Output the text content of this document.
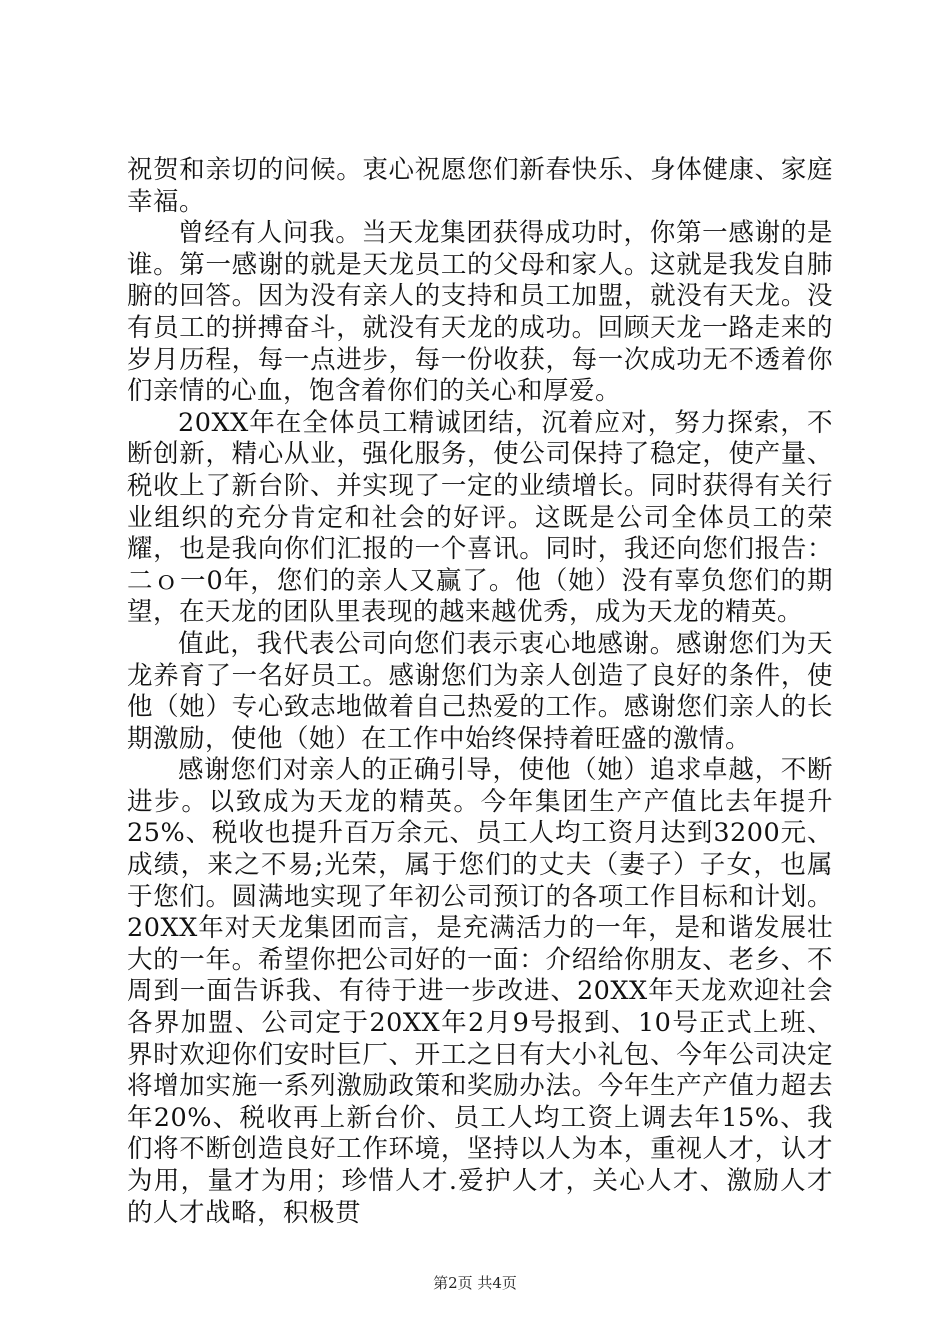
祝贺和亲切的问候。衷心祝愿您们新春快乐、身体健康、家庭幸福。

曾经有人问我。当天龙集团获得成功时，你第一感谢的是谁。第一感谢的就是天龙员工的父母和家人。这就是我发自肺腑的回答。因为没有亲人的支持和员工加盟，就没有天龙。没有员工的拼搏奋斗，就没有天龙的成功。回顾天龙一路走来的岁月历程，每一点进步，每一份收获，每一次成功无不透着你们亲情的心血，饱含着你们的关心和厚爱。

20XX年在全体员工精诚团结，沉着应对，努力探索，不断创新，精心从业，强化服务，使公司保持了稳定，使产量、税收上了新台阶、并实现了一定的业绩增长。同时获得有关行业组织的充分肯定和社会的好评。这既是公司全体员工的荣耀，也是我向你们汇报的一个喜讯。同时，我还向您们报告：二ｏ一0年，您们的亲人又赢了。他（她）没有辜负您们的期望，在天龙的团队里表现的越来越优秀，成为天龙的精英。

值此，我代表公司向您们表示衷心地感谢。感谢您们为天龙养育了一名好员工。感谢您们为亲人创造了良好的条件，使他（她）专心致志地做着自己热爱的工作。感谢您们亲人的长期激励，使他（她）在工作中始终保持着旺盛的激情。

感谢您们对亲人的正确引导，使他（她）追求卓越，不断进步。以致成为天龙的精英。今年集团生产产值比去年提升25%、税收也提升百万余元、员工人均工资月达到3200元、成绩，来之不易;光荣，属于您们的丈夫（妻子）子女，也属于您们。圆满地实现了年初公司预订的各项工作目标和计划。20XX年对天龙集团而言，是充满活力的一年，是和谐发展壮大的一年。希望你把公司好的一面：介绍给你朋友、老乡、不周到一面告诉我、有待于进一步改进、20XX年天龙欢迎社会各界加盟、公司定于20XX年2月9号报到、10号正式上班、界时欢迎你们安时巨厂、开工之日有大小礼包、今年公司决定将增加实施一系列激励政策和奖励办法。今年生产产值力超去年20%、税收再上新台价、员工人均工资上调去年15%、我们将不断创造良好工作环境，坚持以人为本，重视人才，认才为用，量才为用；珍惜人才.爱护人才，关心人才、激励人才的人才战略，积极贯

第2页 共4页
